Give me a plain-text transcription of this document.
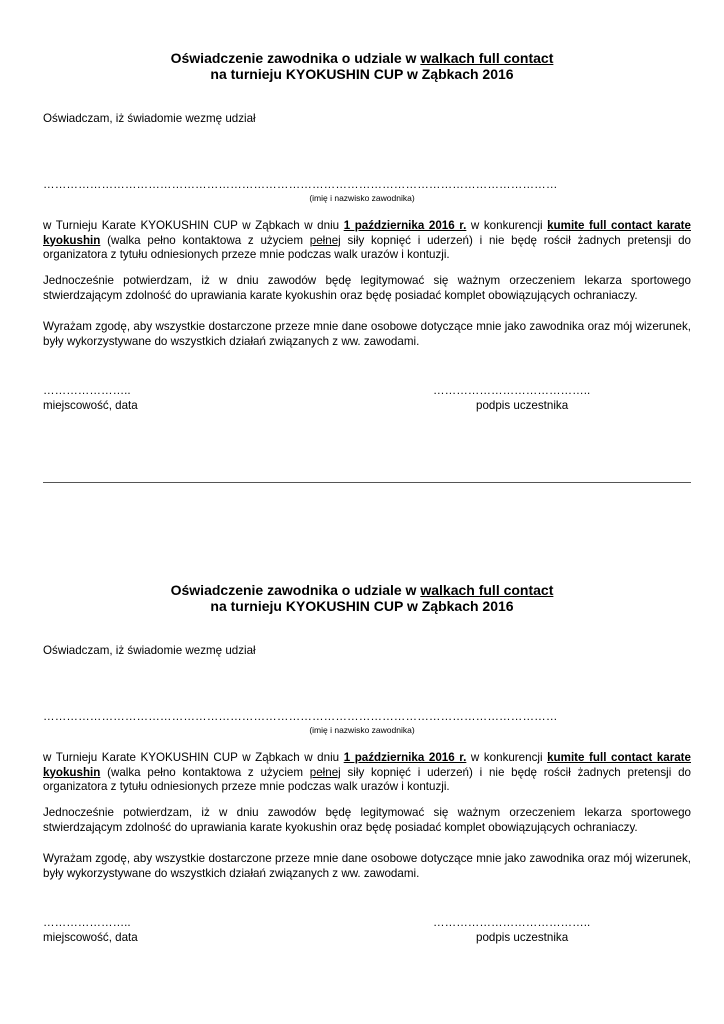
Oświadczenie zawodnika o udziale w walkach full contact
na turnieju KYOKUSHIN CUP w Ząbkach 2016
Oświadczam, iż świadomie wezmę udział
……………………………………………………………………………………………………………………
(imię i nazwisko zawodnika)
w Turnieju Karate KYOKUSHIN CUP w Ząbkach w dniu 1 października 2016 r. w konkurencji kumite full contact karate kyokushin (walka pełno kontaktowa z użyciem pełnej siły kopnięć i uderzeń) i nie będę rościł żadnych pretensji do organizatora z tytułu odniesionych przeze mnie podczas walk urazów i kontuzji.
Jednocześnie potwierdzam, iż w dniu zawodów będę legitymować się ważnym orzeczeniem lekarza sportowego stwierdzającym zdolność do uprawiania karate kyokushin oraz będę posiadać komplet obowiązujących ochraniaczy.
Wyrażam zgodę, aby wszystkie dostarczone przeze mnie dane osobowe dotyczące mnie jako zawodnika oraz mój wizerunek, były wykorzystywane do wszystkich działań związanych z ww. zawodami.
…………………..
miejscowość, data
…………………………………..
podpis uczestnika
Oświadczenie zawodnika o udziale w walkach full contact
na turnieju KYOKUSHIN CUP w Ząbkach 2016
Oświadczam, iż świadomie wezmę udział
……………………………………………………………………………………………………………………
(imię i nazwisko zawodnika)
w Turnieju Karate KYOKUSHIN CUP w Ząbkach w dniu 1 października 2016 r. w konkurencji kumite full contact karate kyokushin (walka pełno kontaktowa z użyciem pełnej siły kopnięć i uderzeń) i nie będę rościł żadnych pretensji do organizatora z tytułu odniesionych przeze mnie podczas walk urazów i kontuzji.
Jednocześnie potwierdzam, iż w dniu zawodów będę legitymować się ważnym orzeczeniem lekarza sportowego stwierdzającym zdolność do uprawiania karate kyokushin oraz będę posiadać komplet obowiązujących ochraniaczy.
Wyrażam zgodę, aby wszystkie dostarczone przeze mnie dane osobowe dotyczące mnie jako zawodnika oraz mój wizerunek, były wykorzystywane do wszystkich działań związanych z ww. zawodami.
…………………..
miejscowość, data
…………………………………..
podpis uczestnika
